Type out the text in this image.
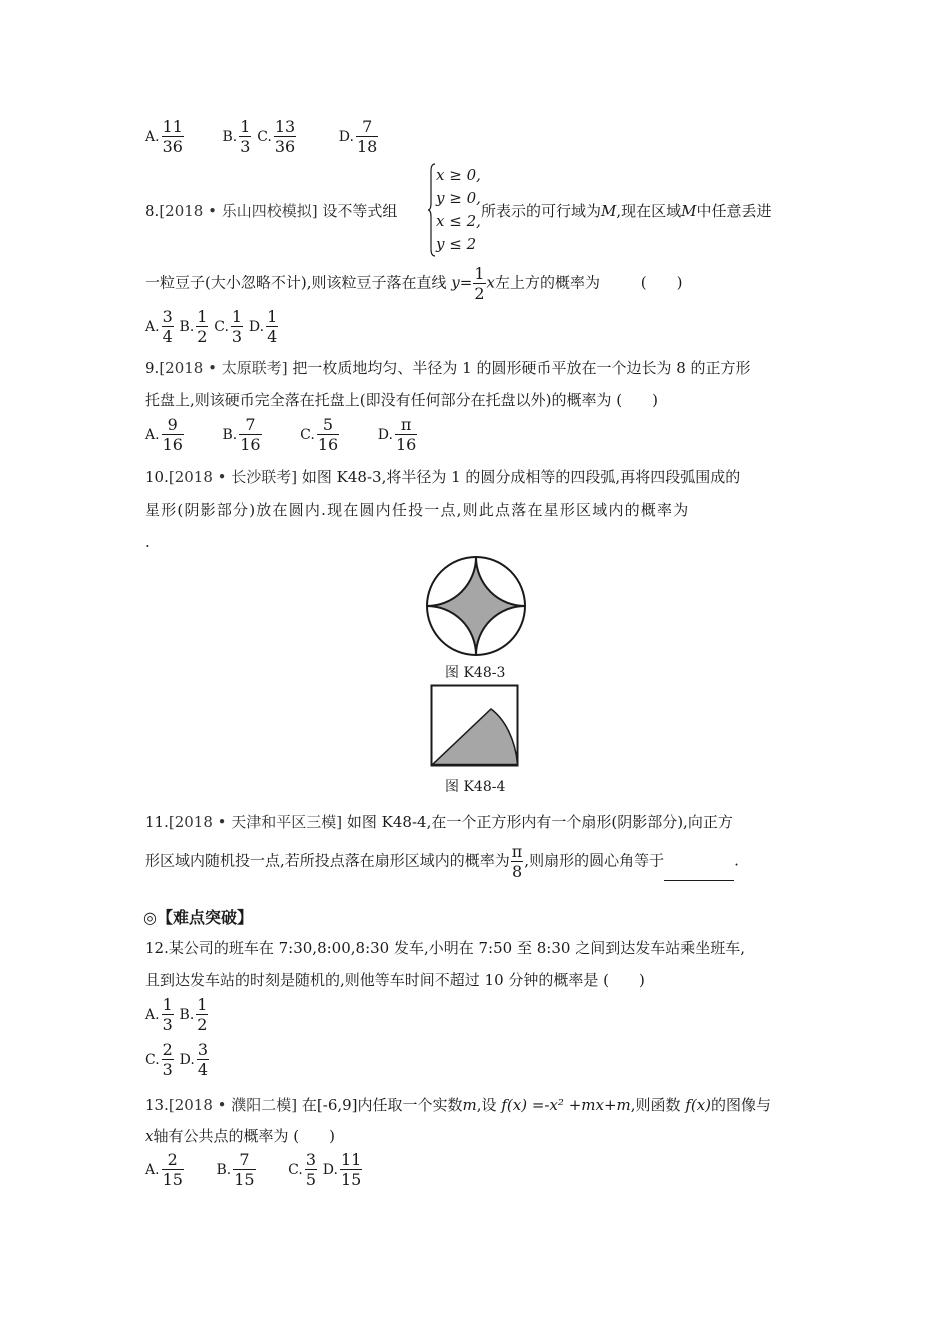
A. $\frac{11}{36}$
	B. $\frac{1}{3}$
C. $\frac{13}{36}$
	D. $\frac{7}{18}$
8.[2018 • 乐山四校模拟] 设不等式组
x ≥ 0,
y ≥ 0,
x ≤ 2,
y ≤ 2
所表示的可行域为M,现在区域M中任意丢进
一粒豆子(大小忽略不计),则该粒豆子落在直线 $y= \frac{1}{2}$ x左上方的概率为	(　　)
A. $\frac{3}{4}$
B. $\frac{1}{2}$
C. $\frac{1}{3}$
D. $\frac{1}{4}$
9.[2018 • 太原联考] 把一枚质地均匀、半径为 1 的圆形硬币平放在一个边长为 8 的正方形
托盘上,则该硬币完全落在托盘上(即没有任何部分在托盘以外)的概率为 (　　)
A. $\frac{9}{16}$
	B. $\frac{7}{16}$
	C. $\frac{5}{16}$
	D. $\frac{\pi}{16}$
10.[2018 • 长沙联考] 如图 K48-3,将半径为 1 的圆分成相等的四段弧,再将四段弧围成的
星形(阴影部分)放在圆内.现在圆内任投一点,则此点落在星形区域内的概率为
.
图 K48-3
图 K48-4
11.[2018 • 天津和平区三模] 如图 K48-4,在一个正方形内有一个扇形(阴影部分),向正方
形区域内随机投一点,若所投点落在扇形区域内的概率为 $\frac{\pi}{8}$ ,则扇形的圆心角等于	.
◎【难点突破】
12.某公司的班车在 7:30,8:00,8:30 发车,小明在 7:50 至 8:30 之间到达发车站乘坐班车,
且到达发车站的时刻是随机的,则他等车时间不超过 10 分钟的概率是 (　　)
A. $\frac{1}{3}$
B. $\frac{1}{2}$
C. $\frac{2}{3}$
D. $\frac{3}{4}$
13.[2018 • 濮阳二模] 在[-6,9]内任取一个实数m,设 f(x) =-x² +mx+m,则函数 f(x)的图像与
x轴有公共点的概率为 (　　)
A. $\frac{2}{15}$
B. $\frac{7}{15}$
C. $\frac{3}{5}$
D. $\frac{11}{15}$
